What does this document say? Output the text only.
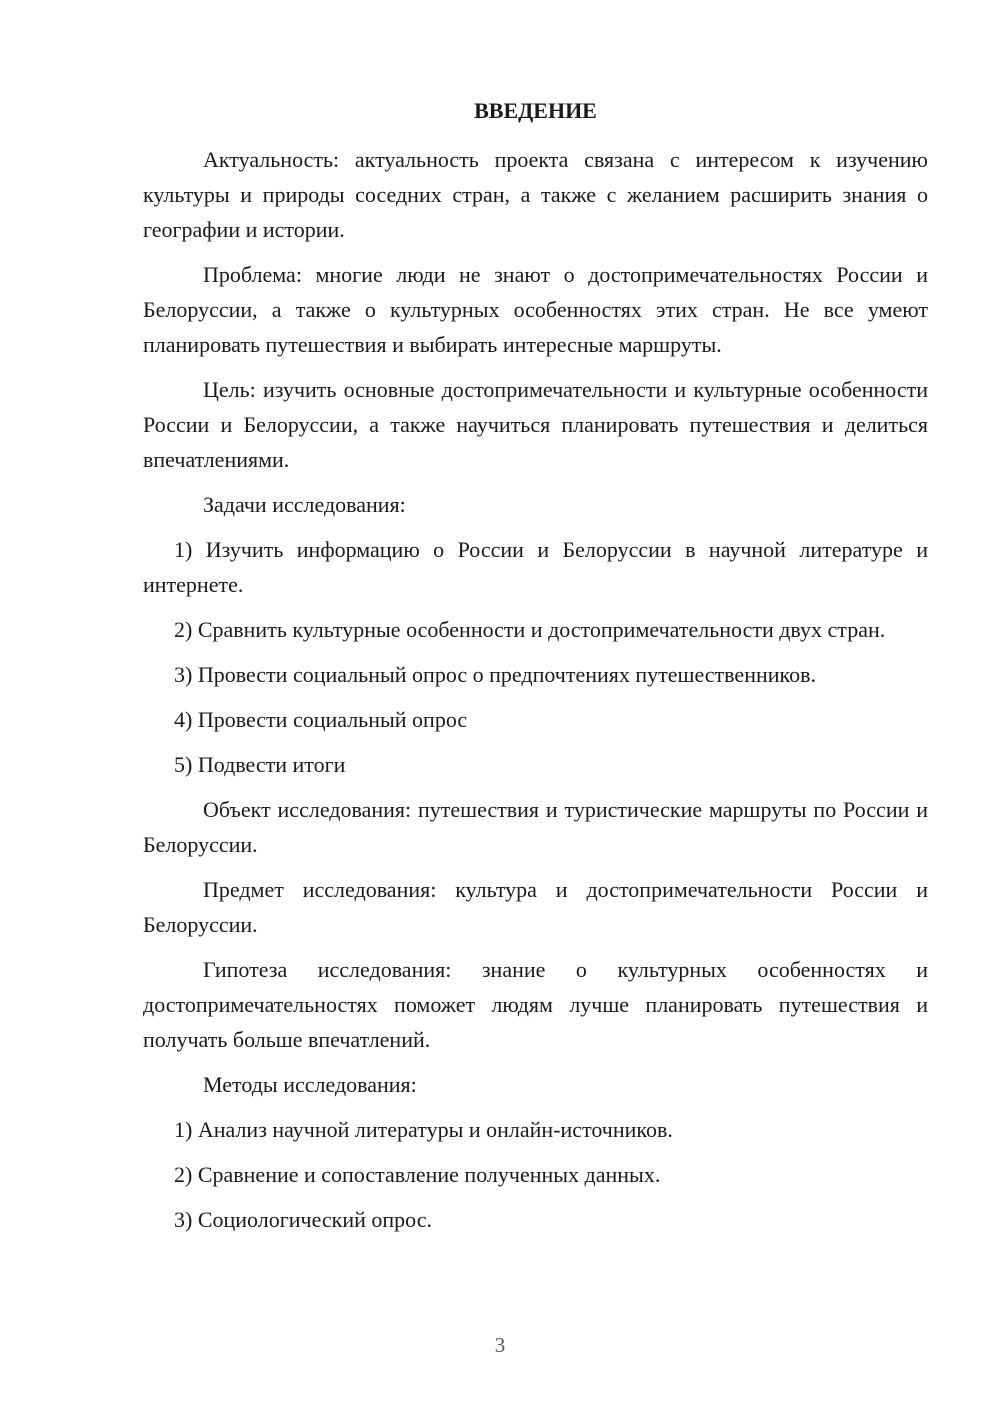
ВВЕДЕНИЕ

Актуальность: актуальность проекта связана с интересом к изучению культуры и природы соседних стран, а также с желанием расширить знания о географии и истории.

Проблема: многие люди не знают о достопримечательностях России и Белоруссии, а также о культурных особенностях этих стран. Не все умеют планировать путешествия и выбирать интересные маршруты.

Цель: изучить основные достопримечательности и культурные особенности России и Белоруссии, а также научиться планировать путешествия и делиться впечатлениями.

Задачи исследования:

1) Изучить информацию о России и Белоруссии в научной литературе и интернете.

2) Сравнить культурные особенности и достопримечательности двух стран.

3) Провести социальный опрос о предпочтениях путешественников.

4) Провести социальный опрос

5) Подвести итоги

Объект исследования: путешествия и туристические маршруты по России и Белоруссии.

Предмет исследования: культура и достопримечательности России и Белоруссии.

Гипотеза исследования: знание о культурных особенностях и достопримечательностях поможет людям лучше планировать путешествия и получать больше впечатлений.

Методы исследования:

1) Анализ научной литературы и онлайн-источников.

2) Сравнение и сопоставление полученных данных.

3) Социологический опрос.

3
